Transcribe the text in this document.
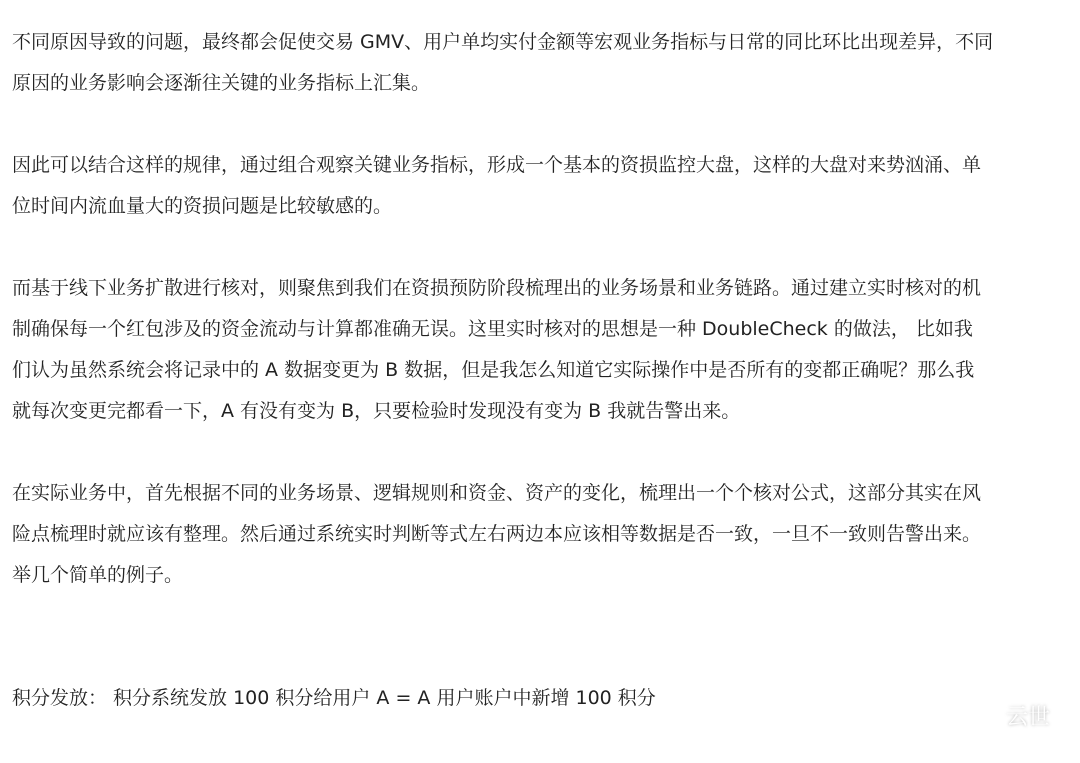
不同原因导致的问题，最终都会促使交易 GMV、用户单均实付金额等宏观业务指标与日常的同比环比出现差异，不同
原因的业务影响会逐渐往关键的业务指标上汇集。

因此可以结合这样的规律，通过组合观察关键业务指标，形成一个基本的资损监控大盘，这样的大盘对来势汹涌、单
位时间内流血量大的资损问题是比较敏感的。

而基于线下业务扩散进行核对，则聚焦到我们在资损预防阶段梳理出的业务场景和业务链路。通过建立实时核对的机
制确保每一个红包涉及的资金流动与计算都准确无误。这里实时核对的思想是一种 DoubleCheck 的做法， 比如我
们认为虽然系统会将记录中的 A 数据变更为 B 数据，但是我怎么知道它实际操作中是否所有的变都正确呢？那么我
就每次变更完都看一下，A 有没有变为 B，只要检验时发现没有变为 B 我就告警出来。

在实际业务中，首先根据不同的业务场景、逻辑规则和资金、资产的变化，梳理出一个个核对公式，这部分其实在风
险点梳理时就应该有整理。然后通过系统实时判断等式左右两边本应该相等数据是否一致，一旦不一致则告警出来。
举几个简单的例子。

积分发放： 积分系统发放 100 积分给用户 A = A 用户账户中新增 100 积分

云世
